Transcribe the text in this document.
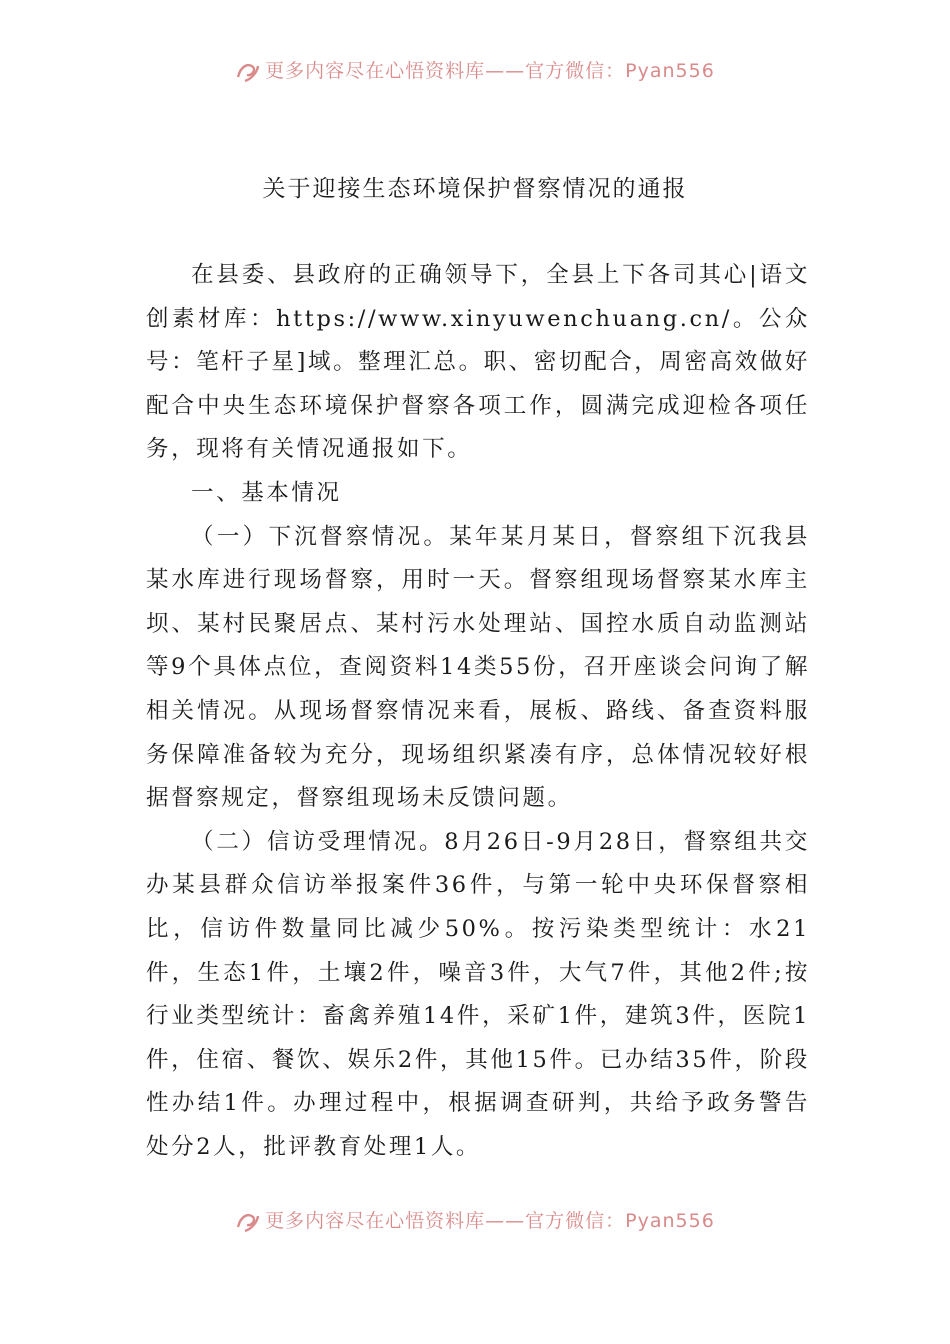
更多内容尽在心悟资料库——官方微信：Pyan556
关于迎接生态环境保护督察情况的通报

在县委、县政府的正确领导下，全县上下各司其心|语文创素材库：https://www.xinyuwenchuang.cn/。公众号：笔杆子星]域。整理汇总。职、密切配合，周密高效做好配合中央生态环境保护督察各项工作，圆满完成迎检各项任务，现将有关情况通报如下。

一、基本情况

（一）下沉督察情况。某年某月某日，督察组下沉我县某水库进行现场督察，用时一天。督察组现场督察某水库主坝、某村民聚居点、某村污水处理站、国控水质自动监测站等9个具体点位，查阅资料14类55份，召开座谈会问询了解相关情况。从现场督察情况来看，展板、路线、备查资料服务保障准备较为充分，现场组织紧凑有序，总体情况较好根据督察规定，督察组现场未反馈问题。

（二）信访受理情况。8月26日-9月28日，督察组共交办某县群众信访举报案件36件，与第一轮中央环保督察相比，信访件数量同比减少50%。按污染类型统计：水21件，生态1件，土壤2件，噪音3件，大气7件，其他2件;按行业类型统计：畜禽养殖14件，采矿1件，建筑3件，医院1件，住宿、餐饮、娱乐2件，其他15件。已办结35件，阶段性办结1件。办理过程中，根据调查研判，共给予政务警告处分2人，批评教育处理1人。

更多内容尽在心悟资料库——官方微信：Pyan556
